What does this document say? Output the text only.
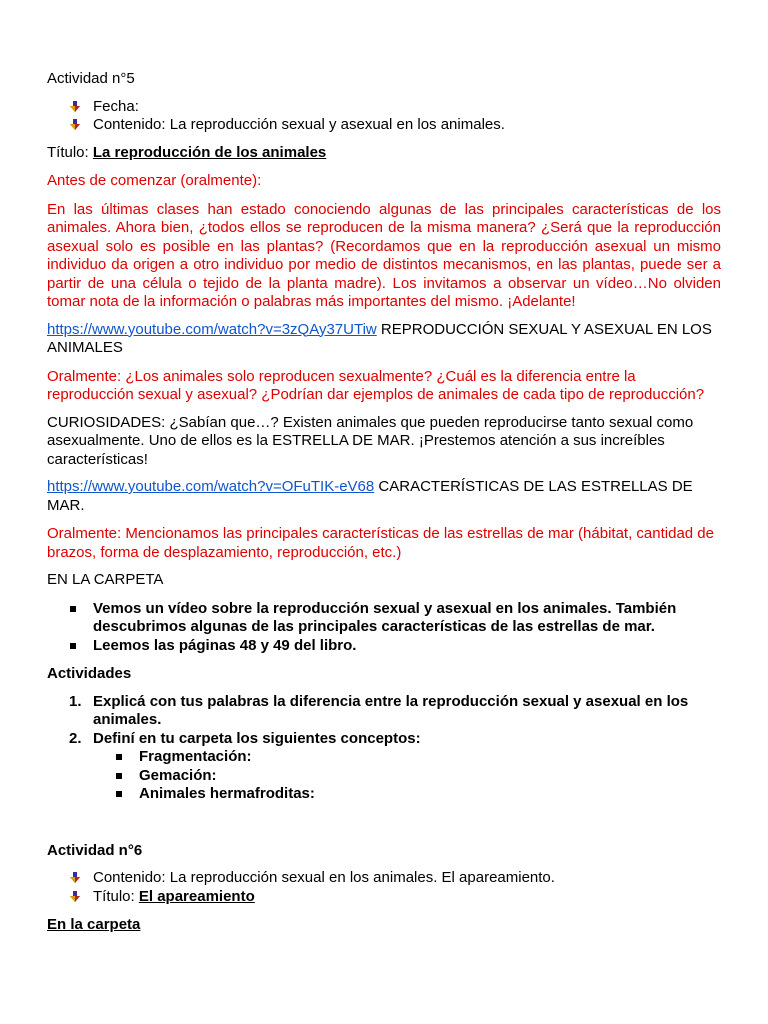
Actividad n°5

Fecha:
Contenido: La reproducción sexual y asexual en los animales.

Título: La reproducción de los animales

Antes de comenzar (oralmente):

En las últimas clases han estado conociendo algunas de las principales características de los animales. Ahora bien, ¿todos ellos se reproducen de la misma manera? ¿Será que la reproducción asexual solo es posible en las plantas? (Recordamos que en la reproducción asexual un mismo individuo da origen a otro individuo por medio de distintos mecanismos, en las plantas, puede ser a partir de una célula o tejido de la planta madre). Los invitamos a observar un vídeo…No olviden tomar nota de la información o palabras más importantes del mismo. ¡Adelante!

https://www.youtube.com/watch?v=3zQAy37UTiw REPRODUCCIÓN SEXUAL Y ASEXUAL EN LOS ANIMALES

Oralmente: ¿Los animales solo reproducen sexualmente? ¿Cuál es la diferencia entre la reproducción sexual y asexual? ¿Podrían dar ejemplos de animales de cada tipo de reproducción?

CURIOSIDADES: ¿Sabían que…? Existen animales que pueden reproducirse tanto sexual como asexualmente. Uno de ellos es la ESTRELLA DE MAR. ¡Prestemos atención a sus increíbles características!

https://www.youtube.com/watch?v=OFuTIK-eV68 CARACTERÍSTICAS DE LAS ESTRELLAS DE MAR.

Oralmente: Mencionamos las principales características de las estrellas de mar (hábitat, cantidad de brazos, forma de desplazamiento, reproducción, etc.)

EN LA CARPETA

Vemos un vídeo sobre la reproducción sexual y asexual en los animales. También descubrimos algunas de las principales características de las estrellas de mar.
Leemos las páginas 48 y 49 del libro.

Actividades

1. Explicá con tus palabras la diferencia entre la reproducción sexual y asexual en los animales.
2. Definí en tu carpeta los siguientes conceptos:
Fragmentación:
Gemación:
Animales hermafroditas:

Actividad n°6

Contenido: La reproducción sexual en los animales. El apareamiento.
Título: El apareamiento

En la carpeta
